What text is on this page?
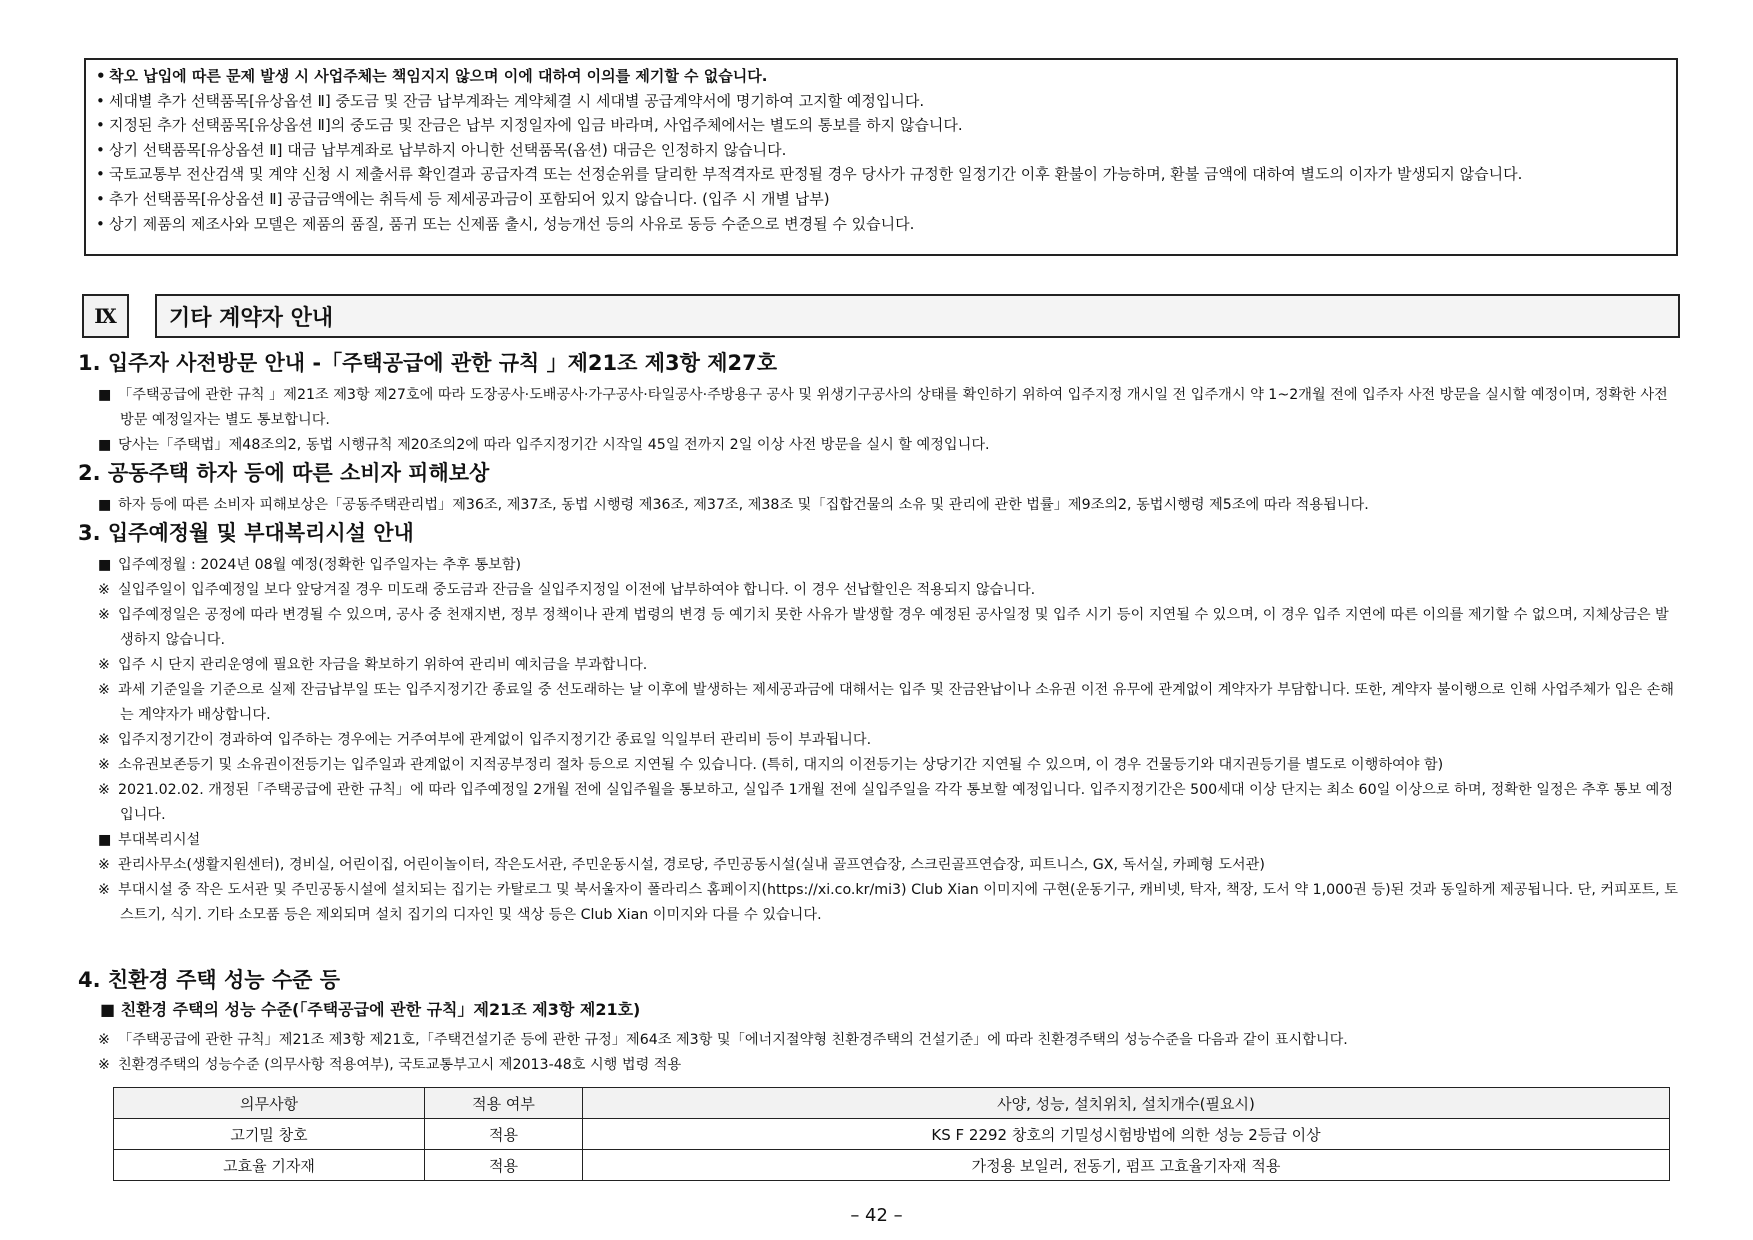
• 착오 납입에 따른 문제 발생 시 사업주체는 책임지지 않으며 이에 대하여 이의를 제기할 수 없습니다.
• 세대별 추가 선택품목[유상옵션 Ⅱ] 중도금 및 잔금 납부계좌는 계약체결 시 세대별 공급계약서에 명기하여 고지할 예정입니다.
• 지정된 추가 선택품목[유상옵션 Ⅱ]의 중도금 및 잔금은 납부 지정일자에 입금 바라며, 사업주체에서는 별도의 통보를 하지 않습니다.
• 상기 선택품목[유상옵션 Ⅱ] 대금 납부계좌로 납부하지 아니한 선택품목(옵션) 대금은 인정하지 않습니다.
• 국토교통부 전산검색 및 계약 신청 시 제출서류 확인결과 공급자격 또는 선정순위를 달리한 부적격자로 판정될 경우 당사가 규정한 일정기간 이후 환불이 가능하며, 환불 금액에 대하여 별도의 이자가 발생되지 않습니다.
• 추가 선택품목[유상옵션 Ⅱ] 공급금액에는 취득세 등 제세공과금이 포함되어 있지 않습니다. (입주 시 개별 납부)
• 상기 제품의 제조사와 모델은 제품의 품질, 품귀 또는 신제품 출시, 성능개선 등의 사유로 동등 수준으로 변경될 수 있습니다.
Ⅸ	기타 계약자 안내
1. 입주자 사전방문 안내 -「주택공급에 관한 규칙 」제21조 제3항 제27호
■ 「주택공급에 관한 규칙 」제21조 제3항 제27호에 따라 도장공사·도배공사·가구공사·타일공사·주방용구 공사 및 위생기구공사의 상태를 확인하기 위하여 입주지정 개시일 전 입주개시 약 1~2개월 전에 입주자 사전 방문을 실시할 예정이며, 정확한 사전방문 예정일자는 별도 통보합니다.
■ 당사는「주택법」제48조의2, 동법 시행규칙 제20조의2에 따라 입주지정기간 시작일 45일 전까지 2일 이상 사전 방문을 실시 할 예정입니다.
2. 공동주택 하자 등에 따른 소비자 피해보상
■ 하자 등에 따른 소비자 피해보상은「공동주택관리법」제36조, 제37조, 동법 시행령 제36조, 제37조, 제38조 및「집합건물의 소유 및 관리에 관한 법률」제9조의2, 동법시행령 제5조에 따라 적용됩니다.
3. 입주예정월 및 부대복리시설 안내
■ 입주예정월 : 2024년 08월 예정(정확한 입주일자는 추후 통보함)
※ 실입주일이 입주예정일 보다 앞당겨질 경우 미도래 중도금과 잔금을 실입주지정일 이전에 납부하여야 합니다. 이 경우 선납할인은 적용되지 않습니다.
※ 입주예정일은 공정에 따라 변경될 수 있으며, 공사 중 천재지변, 정부 정책이나 관계 법령의 변경 등 예기치 못한 사유가 발생할 경우 예정된 공사일정 및 입주 시기 등이 지연될 수 있으며, 이 경우 입주 지연에 따른 이의를 제기할 수 없으며, 지체상금은 발생하지 않습니다.
※ 입주 시 단지 관리운영에 필요한 자금을 확보하기 위하여 관리비 예치금을 부과합니다.
※ 과세 기준일을 기준으로 실제 잔금납부일 또는 입주지정기간 종료일 중 선도래하는 날 이후에 발생하는 제세공과금에 대해서는 입주 및 잔금완납이나 소유권 이전 유무에 관계없이 계약자가 부담합니다. 또한, 계약자 불이행으로 인해 사업주체가 입은 손해는 계약자가 배상합니다.
※ 입주지정기간이 경과하여 입주하는 경우에는 거주여부에 관계없이 입주지정기간 종료일 익일부터 관리비 등이 부과됩니다.
※ 소유권보존등기 및 소유권이전등기는 입주일과 관계없이 지적공부정리 절차 등으로 지연될 수 있습니다. (특히, 대지의 이전등기는 상당기간 지연될 수 있으며, 이 경우 건물등기와 대지권등기를 별도로 이행하여야 함)
※ 2021.02.02. 개정된「주택공급에 관한 규칙」에 따라 입주예정일 2개월 전에 실입주월을 통보하고, 실입주 1개월 전에 실입주일을 각각 통보할 예정입니다. 입주지정기간은 500세대 이상 단지는 최소 60일 이상으로 하며, 정확한 일정은 추후 통보 예정입니다.
■ 부대복리시설
※ 관리사무소(생활지원센터), 경비실, 어린이집, 어린이놀이터, 작은도서관, 주민운동시설, 경로당, 주민공동시설(실내 골프연습장, 스크린골프연습장, 피트니스, GX, 독서실, 카페형 도서관)
※ 부대시설 중 작은 도서관 및 주민공동시설에 설치되는 집기는 카탈로그 및 북서울자이 폴라리스 홈페이지(https://xi.co.kr/mi3) Club Xian 이미지에 구현(운동기구, 캐비넷, 탁자, 책장, 도서 약 1,000권 등)된 것과 동일하게 제공됩니다. 단, 커피포트, 토스트기, 식기. 기타 소모품 등은 제외되며 설치 집기의 디자인 및 색상 등은 Club Xian 이미지와 다를 수 있습니다.
4. 친환경 주택 성능 수준 등
■ 친환경 주택의 성능 수준(「주택공급에 관한 규칙」제21조 제3항 제21호)
※ 「주택공급에 관한 규칙」제21조 제3항 제21호,「주택건설기준 등에 관한 규정」제64조 제3항 및「에너지절약형 친환경주택의 건설기준」에 따라 친환경주택의 성능수준을 다음과 같이 표시합니다.
※ 친환경주택의 성능수준 (의무사항 적용여부), 국토교통부고시 제2013-48호 시행 법령 적용
의무사항	적용 여부	사양, 성능, 설치위치, 설치개수(필요시)
고기밀 창호	적용	KS F 2292 창호의 기밀성시험방법에 의한 성능 2등급 이상
고효율 기자재	적용	가정용 보일러, 전동기, 펌프 고효율기자재 적용
– 42 –
